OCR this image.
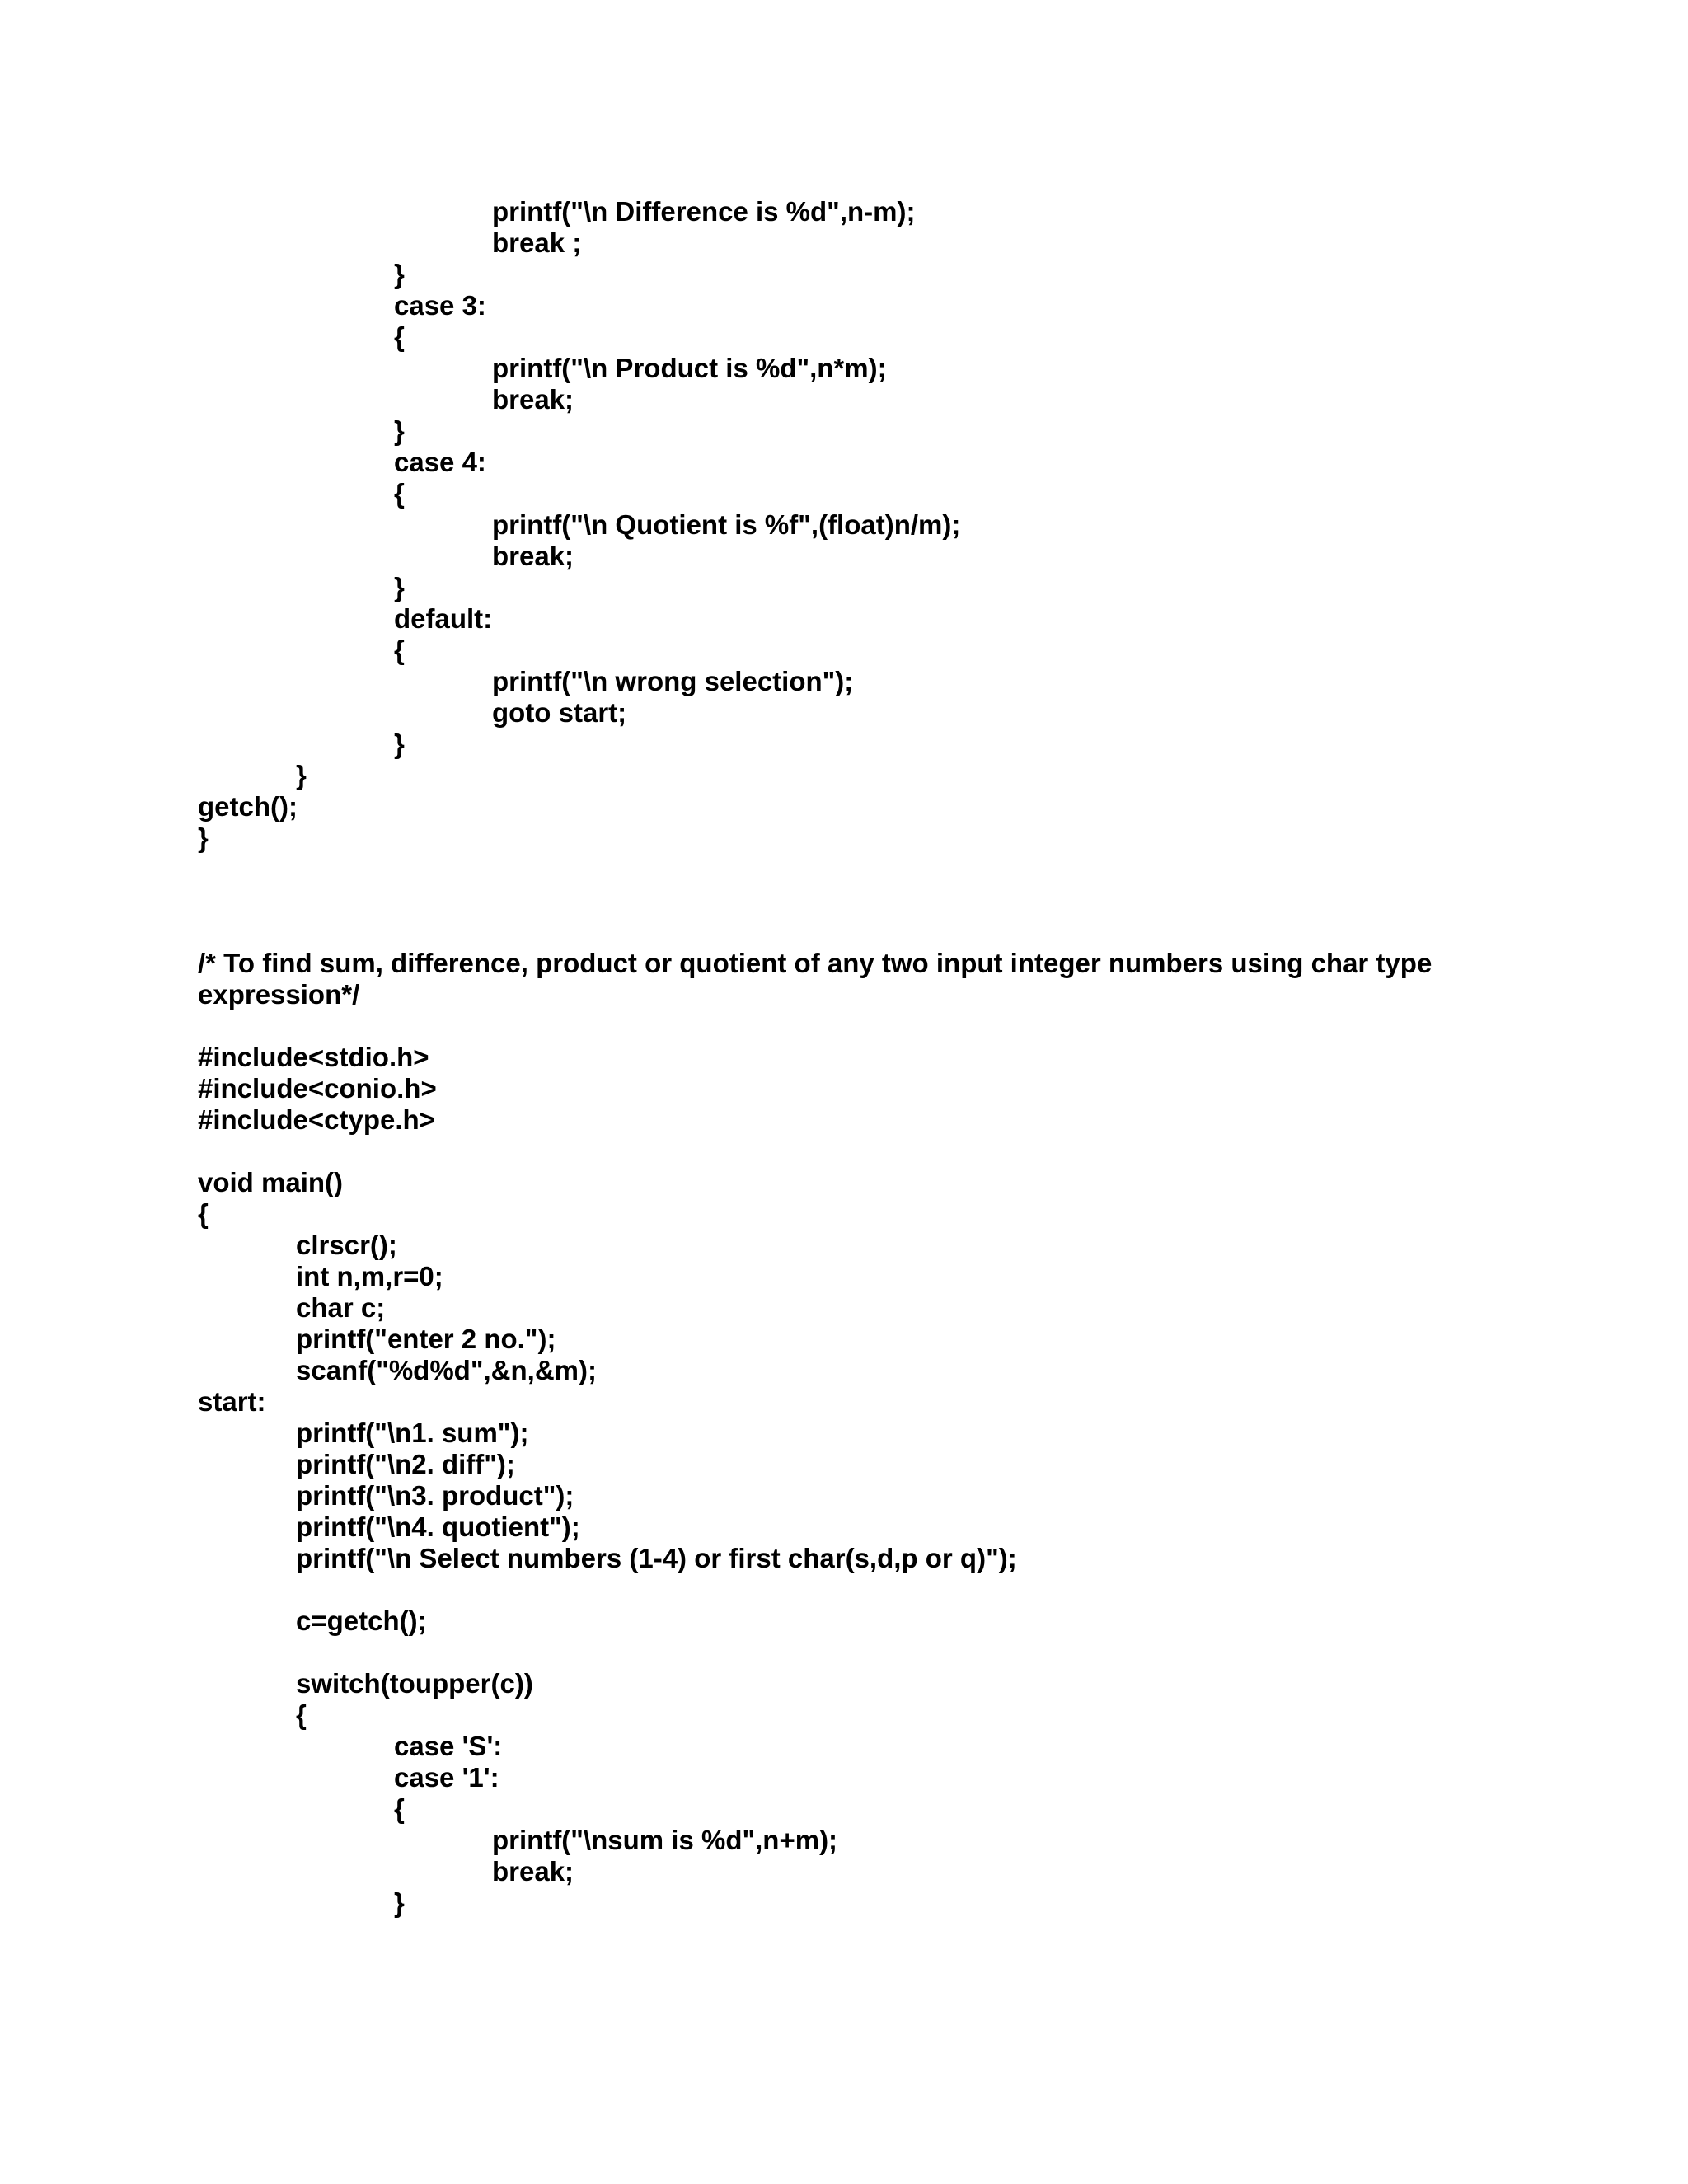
printf("\n Difference is %d",n-m);
break ;
}
case 3:
{
printf("\n Product is %d",n*m);
break;
}
case 4:
{
printf("\n Quotient is %f",(float)n/m);
break;
}
default:
{
printf("\n wrong selection");
goto start;
}
}
getch();
}
/* To find sum, difference, product or quotient of any two input integer numbers using char type
expression*/
#include<stdio.h>
#include<conio.h>
#include<ctype.h>
void main()
{
clrscr();
int n,m,r=0;
char c;
printf("enter 2 no.");
scanf("%d%d",&n,&m);
start:
printf("\n1. sum");
printf("\n2. diff");
printf("\n3. product");
printf("\n4. quotient");
printf("\n Select numbers (1-4) or first char(s,d,p or q)");
c=getch();
switch(toupper(c))
{
case 'S':
case '1':
{
printf("\nsum is %d",n+m);
break;
}
